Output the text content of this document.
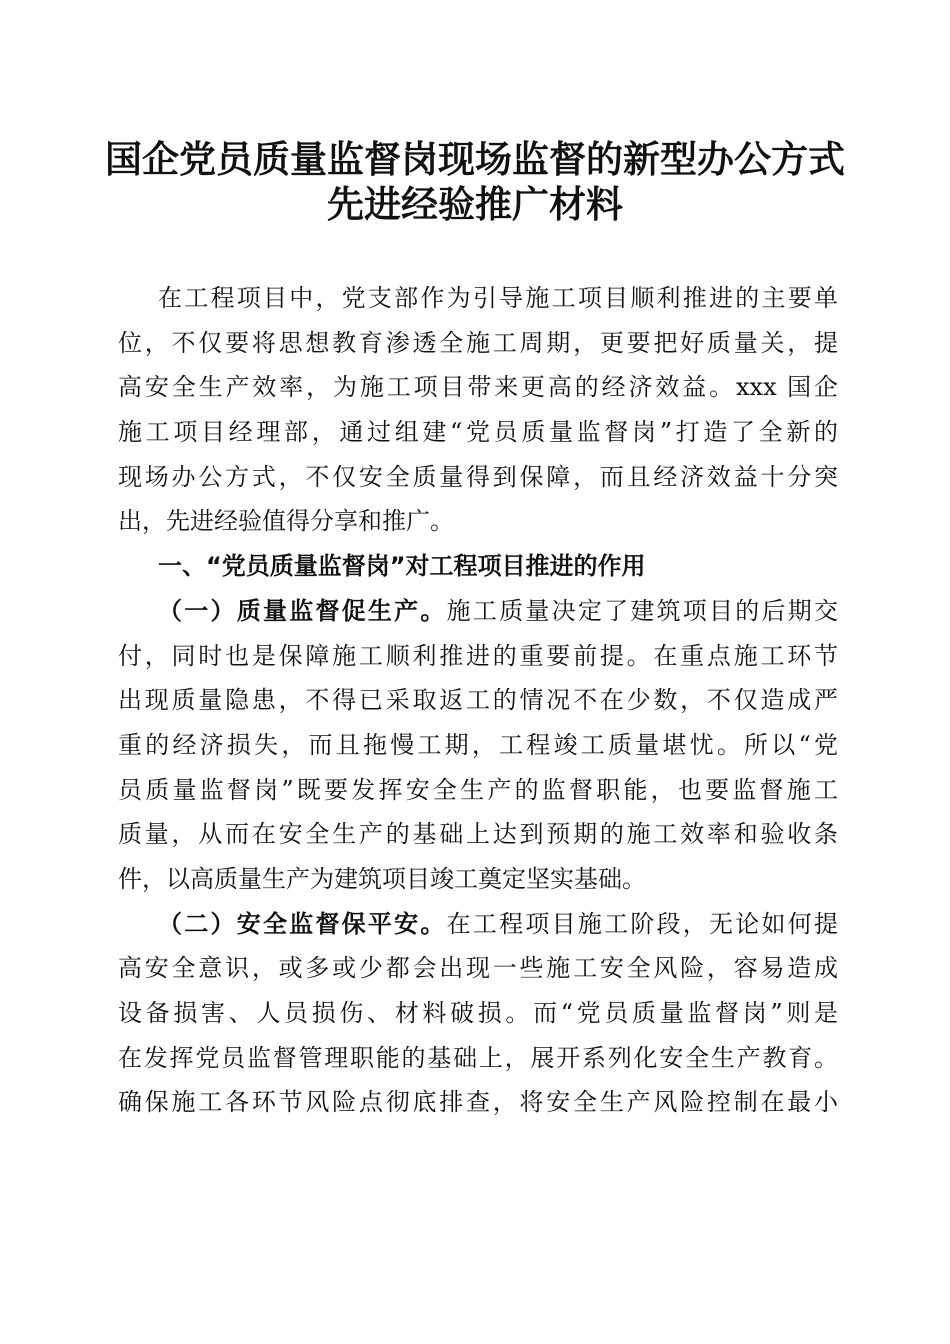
国企党员质量监督岗现场监督的新型办公方式
先进经验推广材料
在工程项目中，党支部作为引导施工项目顺利推进的主要单
位，不仅要将思想教育渗透全施工周期，更要把好质量关，提
高安全生产效率，为施工项目带来更高的经济效益。xxx 国企
施工项目经理部，通过组建“党员质量监督岗”打造了全新的
现场办公方式，不仅安全质量得到保障，而且经济效益十分突
出，先进经验值得分享和推广。
一、“党员质量监督岗”对工程项目推进的作用
（一）质量监督促生产。施工质量决定了建筑项目的后期交
付，同时也是保障施工顺利推进的重要前提。在重点施工环节
出现质量隐患，不得已采取返工的情况不在少数，不仅造成严
重的经济损失，而且拖慢工期，工程竣工质量堪忧。所以“党
员质量监督岗”既要发挥安全生产的监督职能，也要监督施工
质量，从而在安全生产的基础上达到预期的施工效率和验收条
件，以高质量生产为建筑项目竣工奠定坚实基础。
（二）安全监督保平安。在工程项目施工阶段，无论如何提
高安全意识，或多或少都会出现一些施工安全风险，容易造成
设备损害、人员损伤、材料破损。而“党员质量监督岗”则是
在发挥党员监督管理职能的基础上，展开系列化安全生产教育。
确保施工各环节风险点彻底排查，将安全生产风险控制在最小
